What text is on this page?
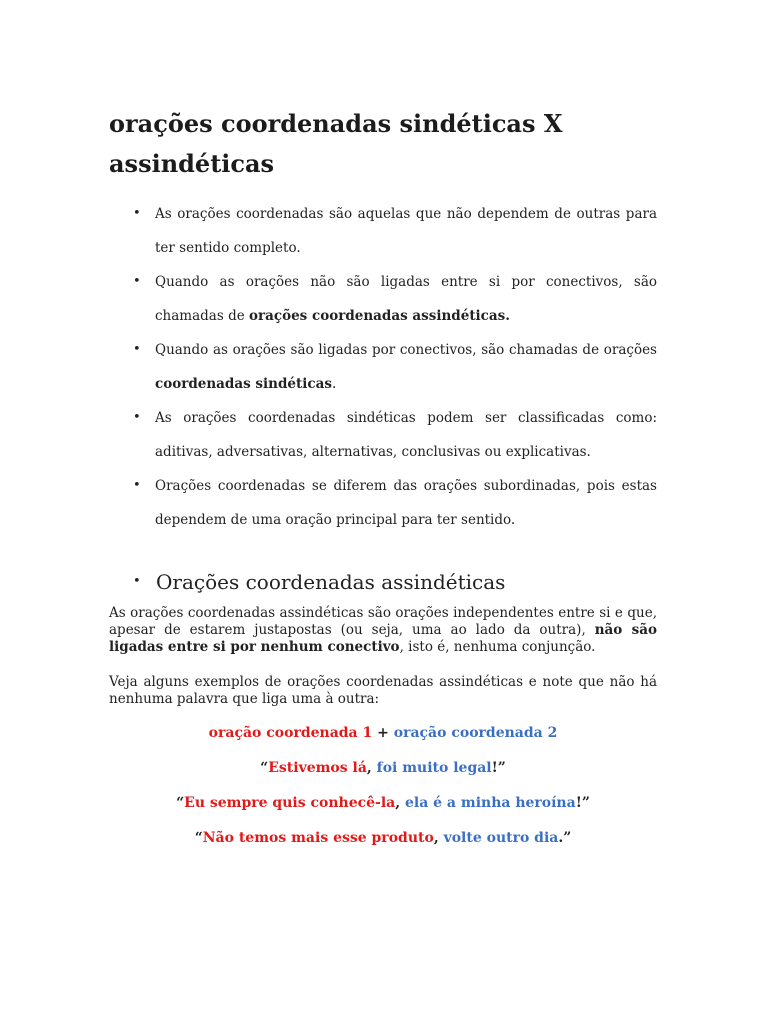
orações coordenadas sindéticas X assindéticas
• As orações coordenadas são aquelas que não dependem de outras para ter sentido completo.
• Quando as orações não são ligadas entre si por conectivos, são chamadas de orações coordenadas assindéticas.
• Quando as orações são ligadas por conectivos, são chamadas de orações coordenadas sindéticas.
• As orações coordenadas sindéticas podem ser classificadas como: aditivas, adversativas, alternativas, conclusivas ou explicativas.
• Orações coordenadas se diferem das orações subordinadas, pois estas dependem de uma oração principal para ter sentido.
• Orações coordenadas assindéticas

As orações coordenadas assindéticas são orações independentes entre si e que, apesar de estarem justapostas (ou seja, uma ao lado da outra), não são ligadas entre si por nenhum conectivo, isto é, nenhuma conjunção.

Veja alguns exemplos de orações coordenadas assindéticas e note que não há nenhuma palavra que liga uma à outra:

oração coordenada 1 + oração coordenada 2
“Estivemos lá, foi muito legal!”
“Eu sempre quis conhecê-la, ela é a minha heroína!”
“Não temos mais esse produto, volte outro dia.”
